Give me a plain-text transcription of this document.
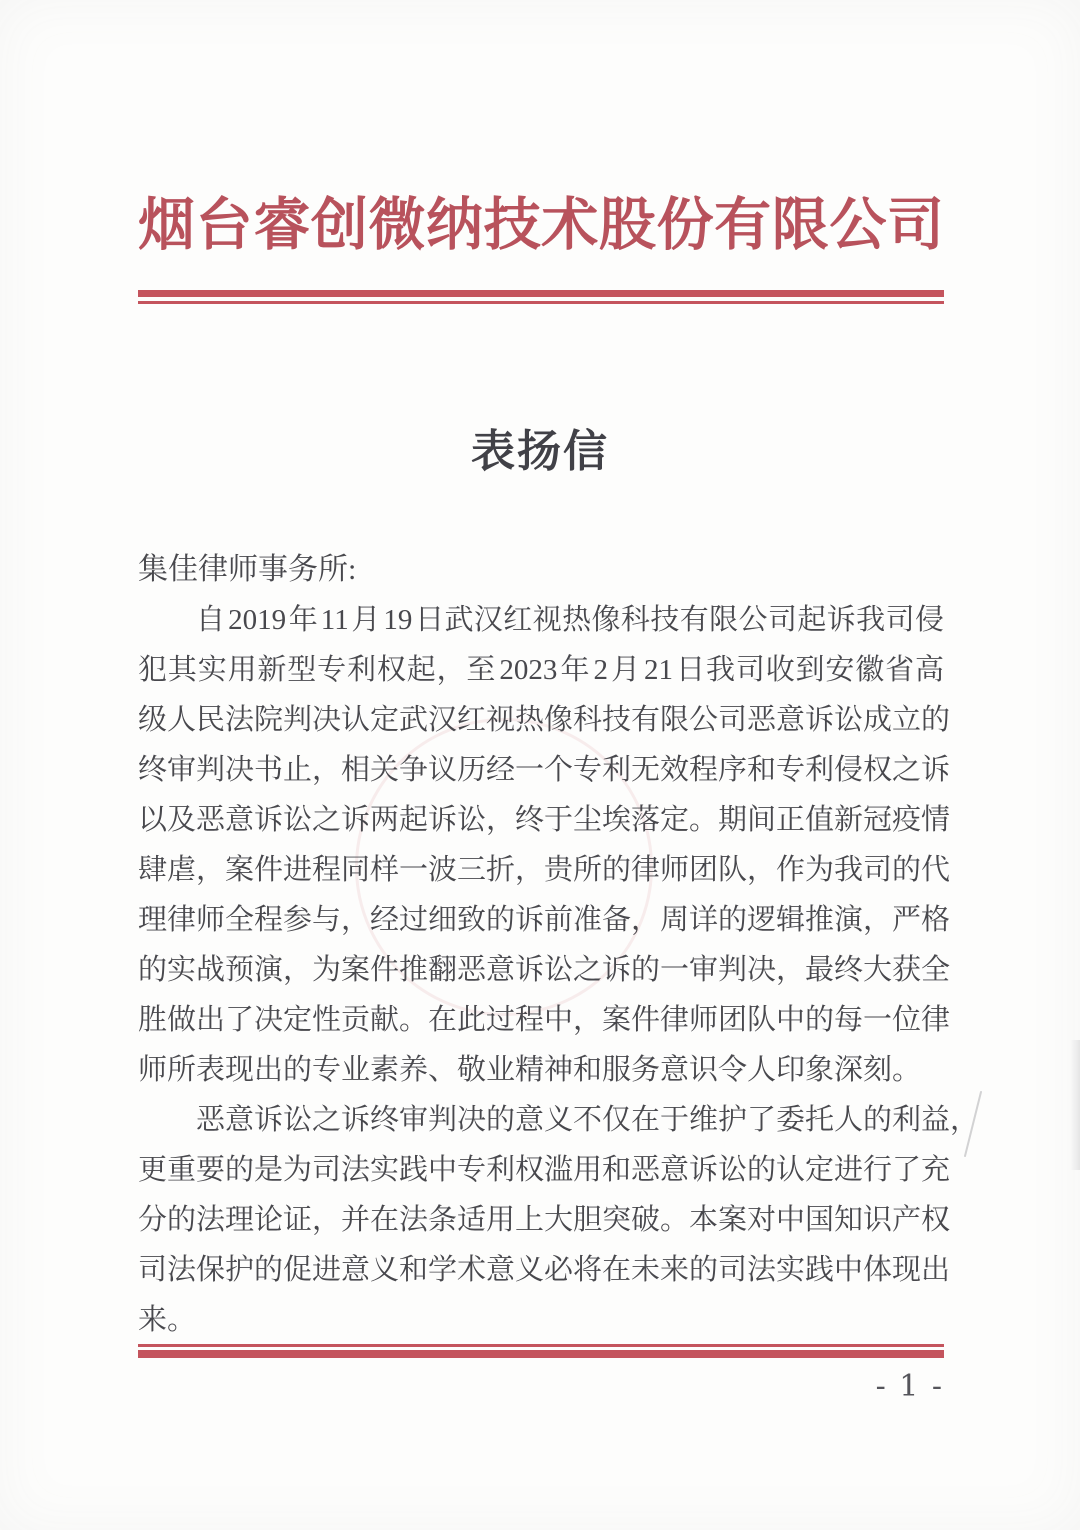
烟台睿创微纳技术股份有限公司
表扬信
集佳律师事务所:
自 2019 年 11 月 19 日武汉红视热像科技有限公司起诉我司侵
犯其实用新型专利权起，至 2023 年 2 月 21 日我司收到安徽省高
级人民法院判决认定武汉红视热像科技有限公司恶意诉讼成立的
终审判决书止，相关争议历经一个专利无效程序和专利侵权之诉
以及恶意诉讼之诉两起诉讼，终于尘埃落定。期间正值新冠疫情
肆虐，案件进程同样一波三折，贵所的律师团队，作为我司的代
理律师全程参与，经过细致的诉前准备，周详的逻辑推演，严格
的实战预演，为案件推翻恶意诉讼之诉的一审判决，最终大获全
胜做出了决定性贡献。在此过程中，案件律师团队中的每一位律
师所表现出的专业素养、敬业精神和服务意识令人印象深刻。
恶意诉讼之诉终审判决的意义不仅在于维护了委托人的利益，
更重要的是为司法实践中专利权滥用和恶意诉讼的认定进行了充
分的法理论证，并在法条适用上大胆突破。本案对中国知识产权
司法保护的促进意义和学术意义必将在未来的司法实践中体现出
来。
- 1 -
